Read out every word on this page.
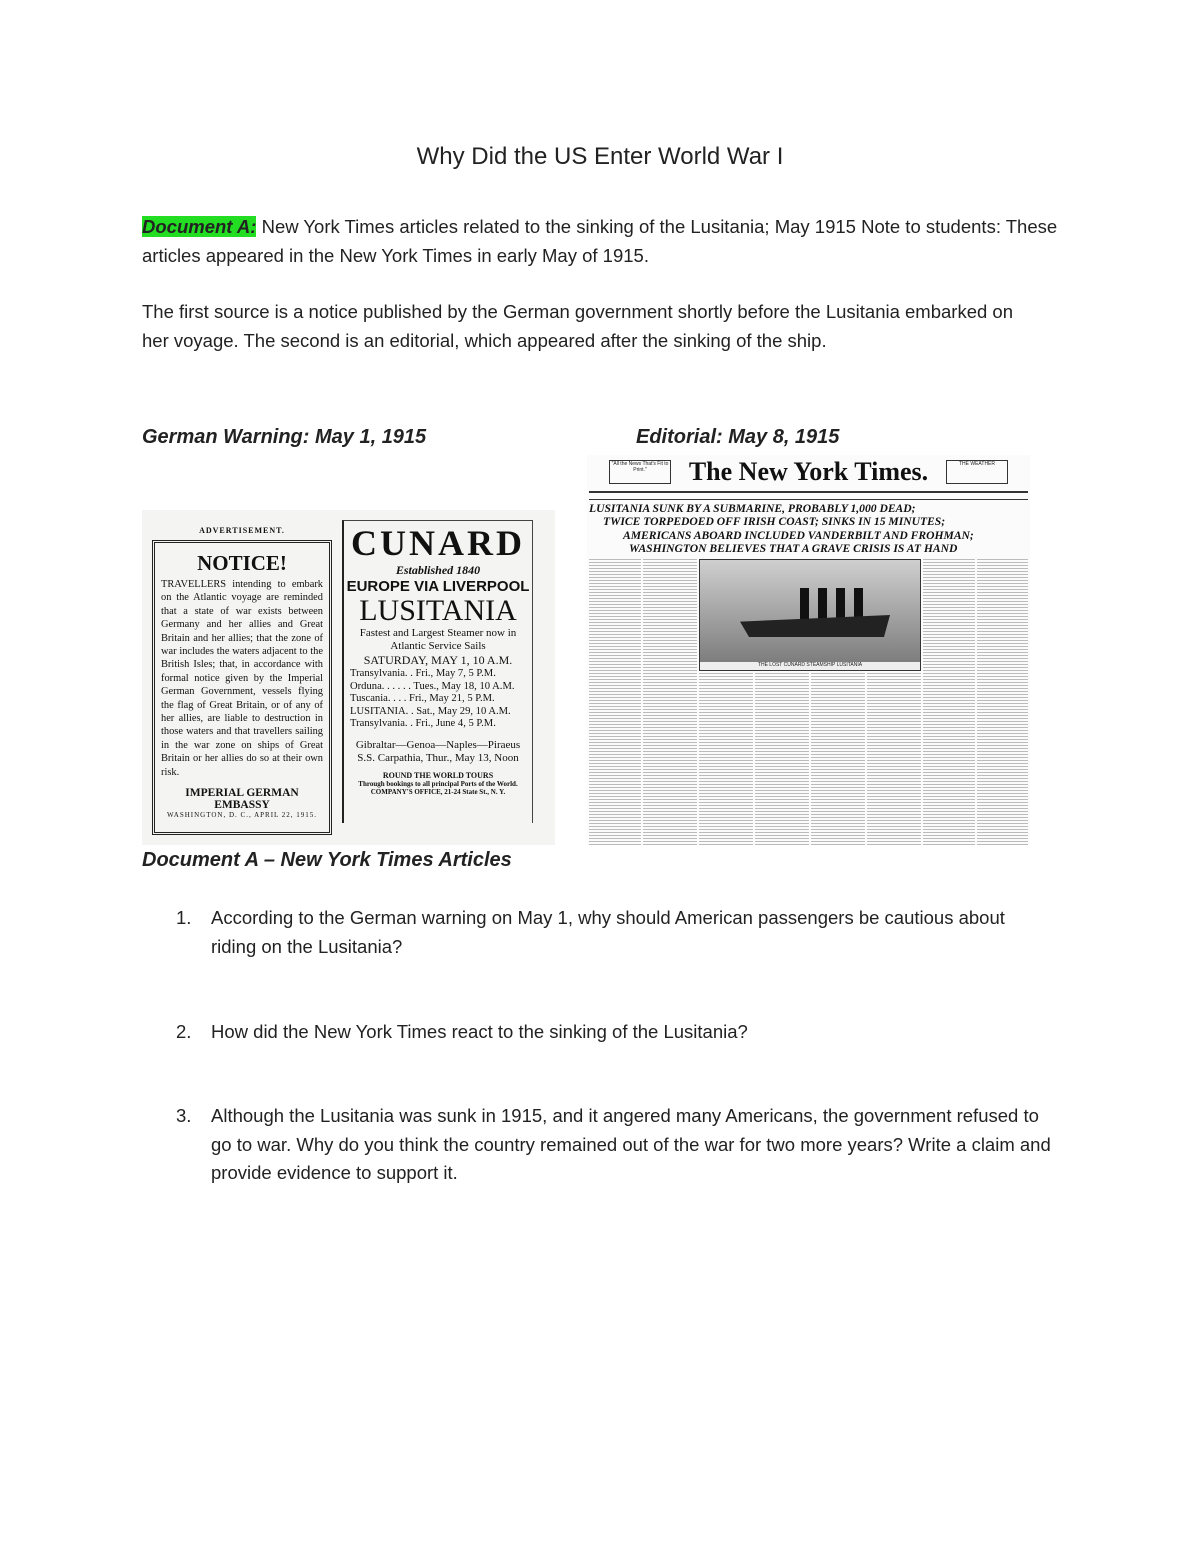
Why Did the US Enter World War I
Document A: New York Times articles related to the sinking of the Lusitania; May 1915 Note to students: These articles appeared in the New York Times in early May of 1915.
The first source is a notice published by the German government shortly before the Lusitania embarked on her voyage. The second is an editorial, which appeared after the sinking of the ship.
German Warning: May 1, 1915	Editorial: May 8, 1915
ADVERTISEMENT.
NOTICE!
TRAVELLERS intending to embark on the Atlantic voyage are reminded that a state of war exists between Germany and her allies and Great Britain and her allies; that the zone of war includes the waters adjacent to the British Isles; that, in accordance with formal notice given by the Imperial German Government, vessels flying the flag of Great Britain, or of any of her allies, are liable to destruction in those waters and that travellers sailing in the war zone on ships of Great Britain or her allies do so at their own risk.
IMPERIAL GERMAN EMBASSY
WASHINGTON, D. C., APRIL 22, 1915.
CUNARD
Established 1840
EUROPE VIA LIVERPOOL
LUSITANIA
Fastest and Largest Steamer now in Atlantic Service Sails
SATURDAY, MAY 1, 10 A.M.
Transylvania. . Fri., May 7, 5 P.M.
Orduna. . . . . . Tues., May 18, 10 A.M.
Tuscania. . . . Fri., May 21, 5 P.M.
LUSITANIA. . Sat., May 29, 10 A.M.
Transylvania. . Fri., June 4, 5 P.M.
Gibraltar—Genoa—Naples—Piraeus
S.S. Carpathia, Thur., May 13, Noon
ROUND THE WORLD TOURS
Through bookings to all principal Ports of the World.
COMPANY'S OFFICE, 21-24 State St., N. Y.
"All the News That's Fit to Print."	The New York Times.	THE WEATHER
LUSITANIA SUNK BY A SUBMARINE, PROBABLY 1,000 DEAD;
TWICE TORPEDOED OFF IRISH COAST; SINKS IN 15 MINUTES;
AMERICANS ABOARD INCLUDED VANDERBILT AND FROHMAN;
WASHINGTON BELIEVES THAT A GRAVE CRISIS IS AT HAND
THE LOST CUNARD STEAMSHIP LUSITANIA
Document A – New York Times Articles
1.	According to the German warning on May 1, why should American passengers be cautious about riding on the Lusitania?
2.	How did the New York Times react to the sinking of the Lusitania?
3.	Although the Lusitania was sunk in 1915, and it angered many Americans, the government refused to go to war. Why do you think the country remained out of the war for two more years? Write a claim and provide evidence to support it.
